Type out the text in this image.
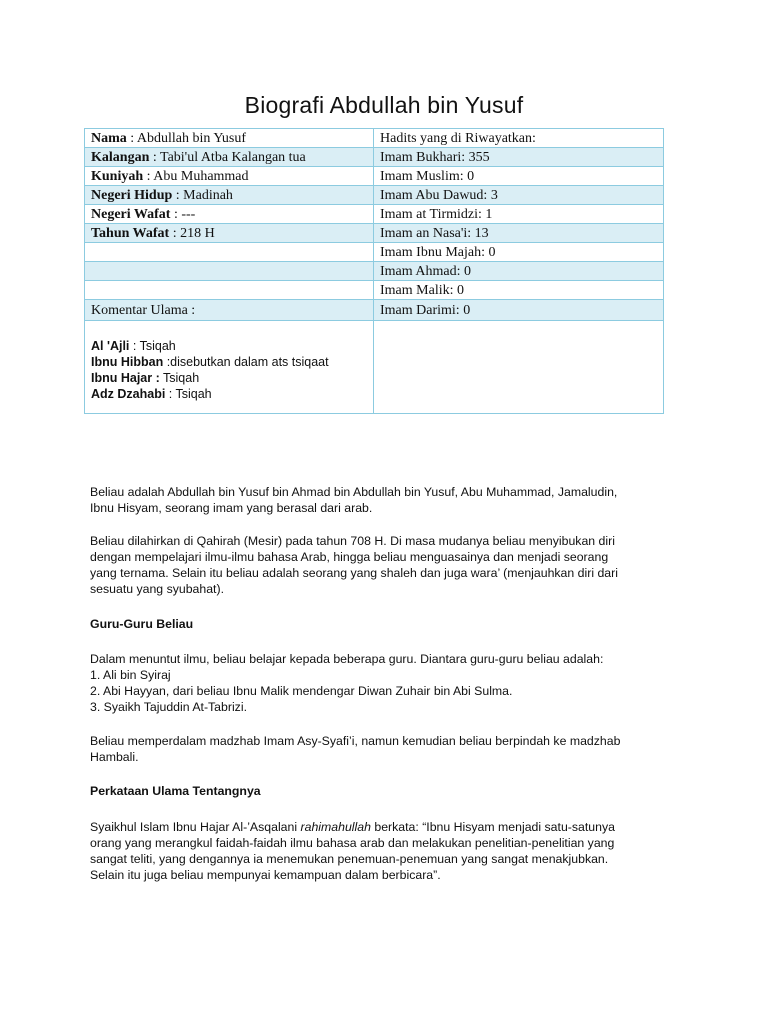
Biografi Abdullah bin Yusuf
Nama : Abdullah bin Yusuf	Hadits yang di Riwayatkan:
Kalangan : Tabi'ul Atba Kalangan tua	Imam Bukhari: 355
Kuniyah : Abu Muhammad	Imam Muslim: 0
Negeri Hidup : Madinah	Imam Abu Dawud: 3
Negeri Wafat : ---	Imam at Tirmidzi: 1
Tahun Wafat : 218 H	Imam an Nasa'i: 13
	Imam Ibnu Majah: 0
	Imam Ahmad: 0
	Imam Malik: 0
Komentar Ulama :	Imam Darimi: 0

Al 'Ajli : Tsiqah
Ibnu Hibban :disebutkan dalam ats tsiqaat
Ibnu Hajar : Tsiqah
Adz Dzahabi : Tsiqah	

Beliau adalah Abdullah bin Yusuf bin Ahmad bin Abdullah bin Yusuf, Abu Muhammad, Jamaludin,

Ibnu Hisyam, seorang imam yang berasal dari arab.

Beliau dilahirkan di Qahirah (Mesir) pada tahun 708 H. Di masa mudanya beliau menyibukan diri

dengan mempelajari ilmu-ilmu bahasa Arab, hingga beliau menguasainya dan menjadi seorang

yang ternama. Selain itu beliau adalah seorang yang shaleh dan juga wara’ (menjauhkan diri dari

sesuatu yang syubahat).

Guru-Guru Beliau

Dalam menuntut ilmu, beliau belajar kepada beberapa guru. Diantara guru-guru beliau adalah:

1. Ali bin Syiraj

2. Abi Hayyan, dari beliau Ibnu Malik mendengar Diwan Zuhair bin Abi Sulma.

3. Syaikh Tajuddin At-Tabrizi.

Beliau memperdalam madzhab Imam Asy-Syafi’i, namun kemudian beliau berpindah ke madzhab

Hambali.

Perkataan Ulama Tentangnya

Syaikhul Islam Ibnu Hajar Al-’Asqalani rahimahullah berkata: “Ibnu Hisyam menjadi satu-satunya

orang yang merangkul faidah-faidah ilmu bahasa arab dan melakukan penelitian-penelitian yang

sangat teliti, yang dengannya ia menemukan penemuan-penemuan yang sangat menakjubkan.

Selain itu juga beliau mempunyai kemampuan dalam berbicara”.
